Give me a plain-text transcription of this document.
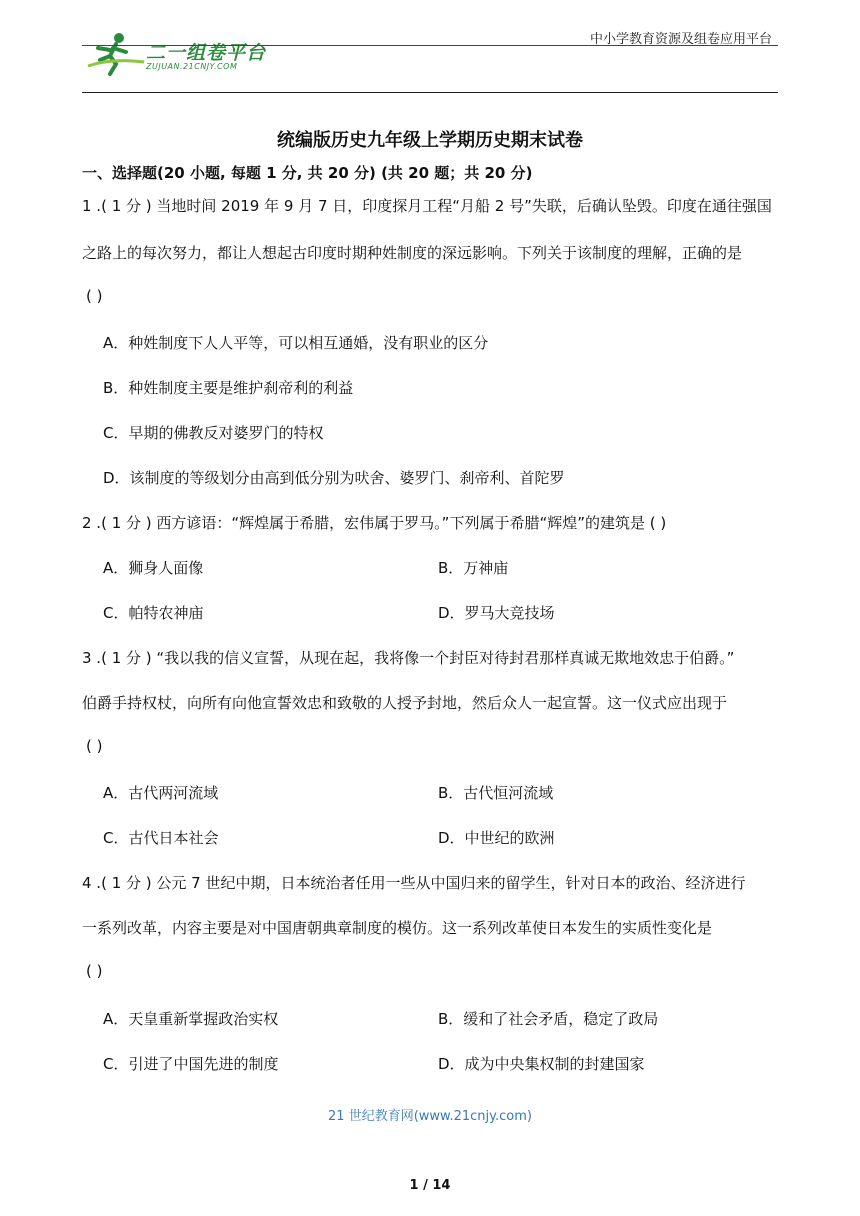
二一组卷平台
ZUJUAN.21CNJY.COM
中小学教育资源及组卷应用平台
统编版历史九年级上学期历史期末试卷
一、选择题(20 小题, 每题 1 分, 共 20 分) (共 20 题；共 20 分)
1 .( 1 分 ) 当地时间 2019 年 9 月 7 日，印度探月工程“月船 2 号”失联，后确认坠毁。印度在通往强国
之路上的每次努力，都让人想起古印度时期种姓制度的深远影响。下列关于该制度的理解，正确的是
( )
A．种姓制度下人人平等，可以相互通婚，没有职业的区分
B．种姓制度主要是维护刹帝利的利益
C．早期的佛教反对婆罗门的特权
D．该制度的等级划分由高到低分别为吠舍、婆罗门、刹帝利、首陀罗
2 .( 1 分 ) 西方谚语：“辉煌属于希腊，宏伟属于罗马。”下列属于希腊“辉煌”的建筑是 ( )
A．狮身人面像	B．万神庙
C．帕特农神庙	D．罗马大竞技场
3 .( 1 分 ) “我以我的信义宣誓，从现在起，我将像一个封臣对待封君那样真诚无欺地效忠于伯爵。”
伯爵手持权杖，向所有向他宣誓效忠和致敬的人授予封地，然后众人一起宣誓。这一仪式应出现于
( )
A．古代两河流域	B．古代恒河流域
C．古代日本社会	D．中世纪的欧洲
4 .( 1 分 ) 公元 7 世纪中期，日本统治者任用一些从中国归来的留学生，针对日本的政治、经济进行
一系列改革，内容主要是对中国唐朝典章制度的模仿。这一系列改革使日本发生的实质性变化是
( )
A．天皇重新掌握政治实权	B．缓和了社会矛盾，稳定了政局
C．引进了中国先进的制度	D．成为中央集权制的封建国家
21 世纪教育网(www.21cnjy.com)
1 / 14
